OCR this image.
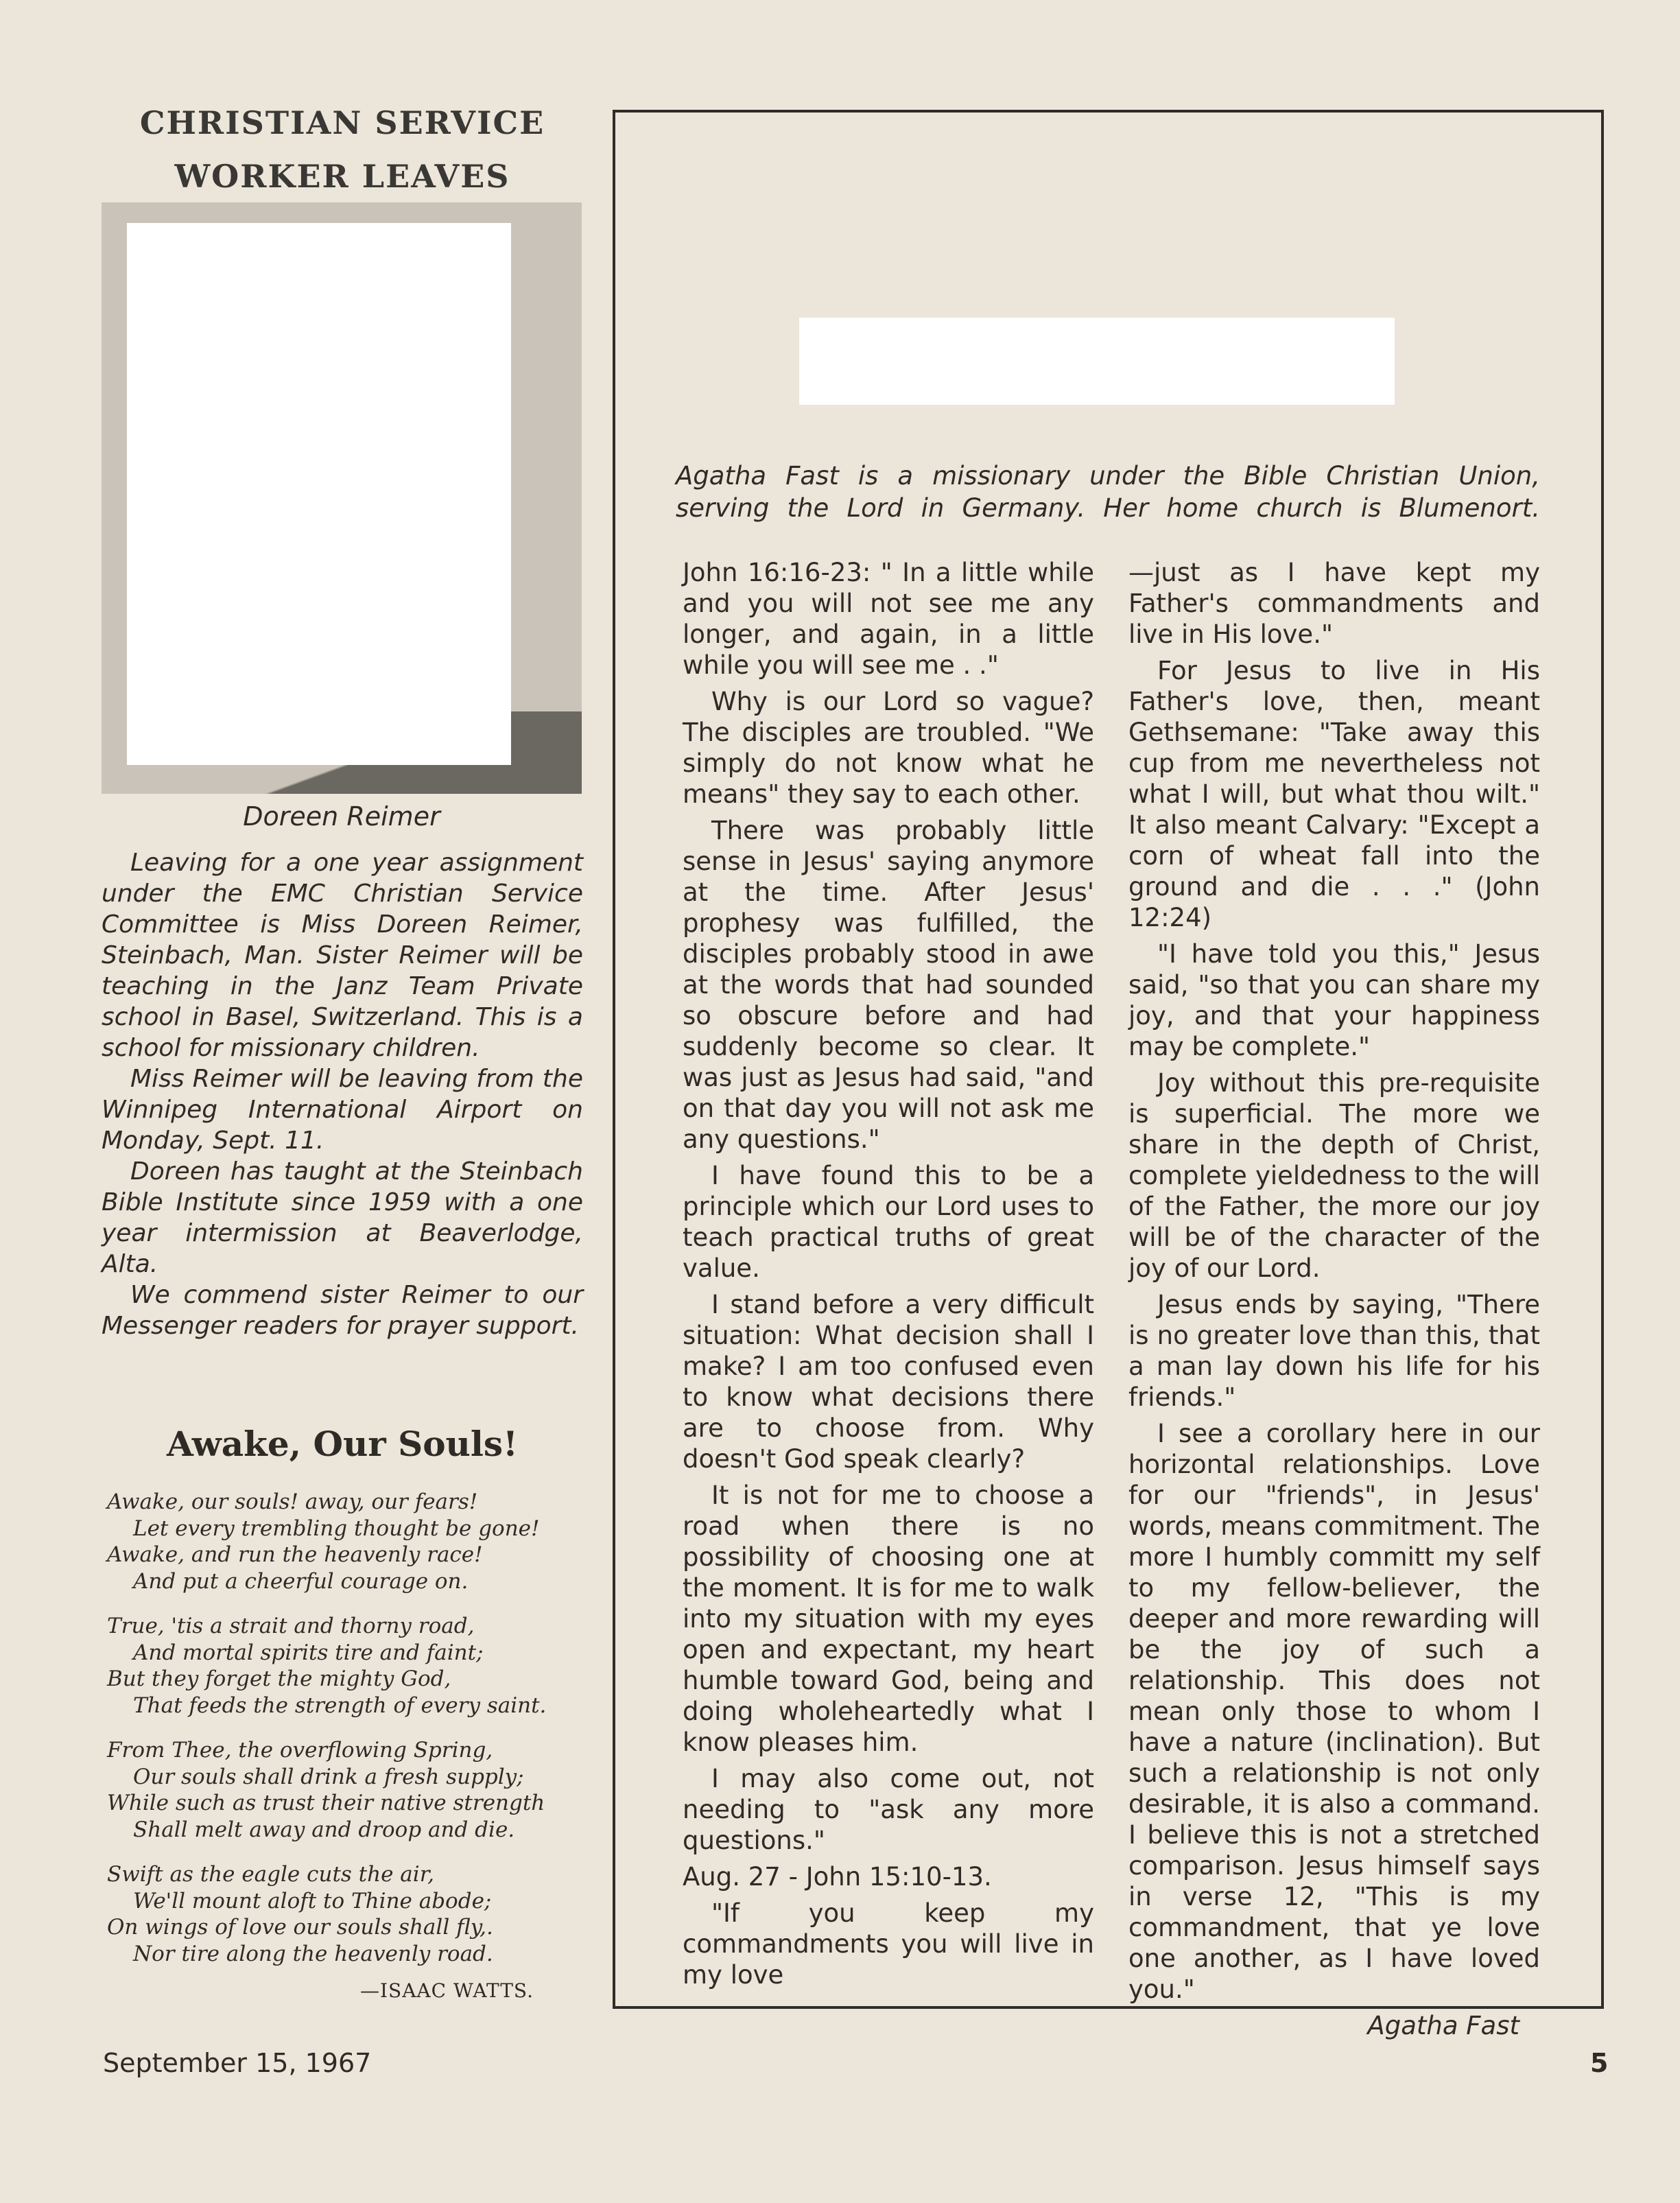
CHRISTIAN SERVICE
WORKER LEAVES
Doreen Reimer

Leaving for a one year assignment under the EMC Christian Service Committee is Miss Doreen Reimer, Steinbach, Man. Sister Reimer will be teaching in the Janz Team Private school in Basel, Switzerland. This is a school for missionary children.

Miss Reimer will be leaving from the Winnipeg International Airport on Monday, Sept. 11.

Doreen has taught at the Steinbach Bible Institute since 1959 with a one year intermission at Beaverlodge, Alta.

We commend sister Reimer to our Messenger readers for prayer support.

Awake, Our Souls!
Awake, our souls! away, our fears!
Let every trembling thought be gone!
Awake, and run the heavenly race!
And put a cheerful courage on.
True, 'tis a strait and thorny road,
And mortal spirits tire and faint;
But they forget the mighty God,
That feeds the strength of every saint.
From Thee, the overflowing Spring,
Our souls shall drink a fresh supply;
While such as trust their native strength
Shall melt away and droop and die.
Swift as the eagle cuts the air,
We'll mount aloft to Thine abode;
On wings of love our souls shall fly,.
Nor tire along the heavenly road.
—ISAAC WATTS.
Agatha Fast is a missionary under the Bible Christian Union, serving the Lord in Germany. Her home church is Blumenort.

John 16:16-23: " In a little while and you will not see me any longer, and again, in a little while you will see me . ."

Why is our Lord so vague? The disciples are troubled. "We simply do not know what he means" they say to each other.

There was probably little sense in Jesus' saying anymore at the time. After Jesus' prophesy was fulfilled, the disciples probably stood in awe at the words that had sounded so obscure before and had suddenly become so clear. It was just as Jesus had said, "and on that day you will not ask me any questions."

I have found this to be a principle which our Lord uses to teach practical truths of great value.

I stand before a very difficult situation: What decision shall I make? I am too confused even to know what decisions there are to choose from. Why doesn't God speak clearly?

It is not for me to choose a road when there is no possibility of choosing one at the moment. It is for me to walk into my situation with my eyes open and expectant, my heart humble toward God, being and doing wholeheartedly what I know pleases him.

I may also come out, not needing to "ask any more questions."

Aug. 27 - John 15:10-13.

"If you keep my commandments you will live in my love

—just as I have kept my Father's commandments and live in His love."

For Jesus to live in His Father's love, then, meant Gethsemane: "Take away this cup from me nevertheless not what I will, but what thou wilt." It also meant Calvary: "Except a corn of wheat fall into the ground and die . . ." (John 12:24)

"I have told you this," Jesus said, "so that you can share my joy, and that your happiness may be complete."

Joy without this pre-requisite is superficial. The more we share in the depth of Christ, complete yieldedness to the will of the Father, the more our joy will be of the character of the joy of our Lord.

Jesus ends by saying, "There is no greater love than this, that a man lay down his life for his friends."

I see a corollary here in our horizontal relationships. Love for our "friends", in Jesus' words, means commitment. The more I humbly committ my self to my fellow-believer, the deeper and more rewarding will be the joy of such a relationship. This does not mean only those to whom I have a nature (inclination). But such a relationship is not only desirable, it is also a command. I believe this is not a stretched comparison. Jesus himself says in verse 12, "This is my commandment, that ye love one another, as I have loved you."

Agatha Fast
September 15, 1967	5
